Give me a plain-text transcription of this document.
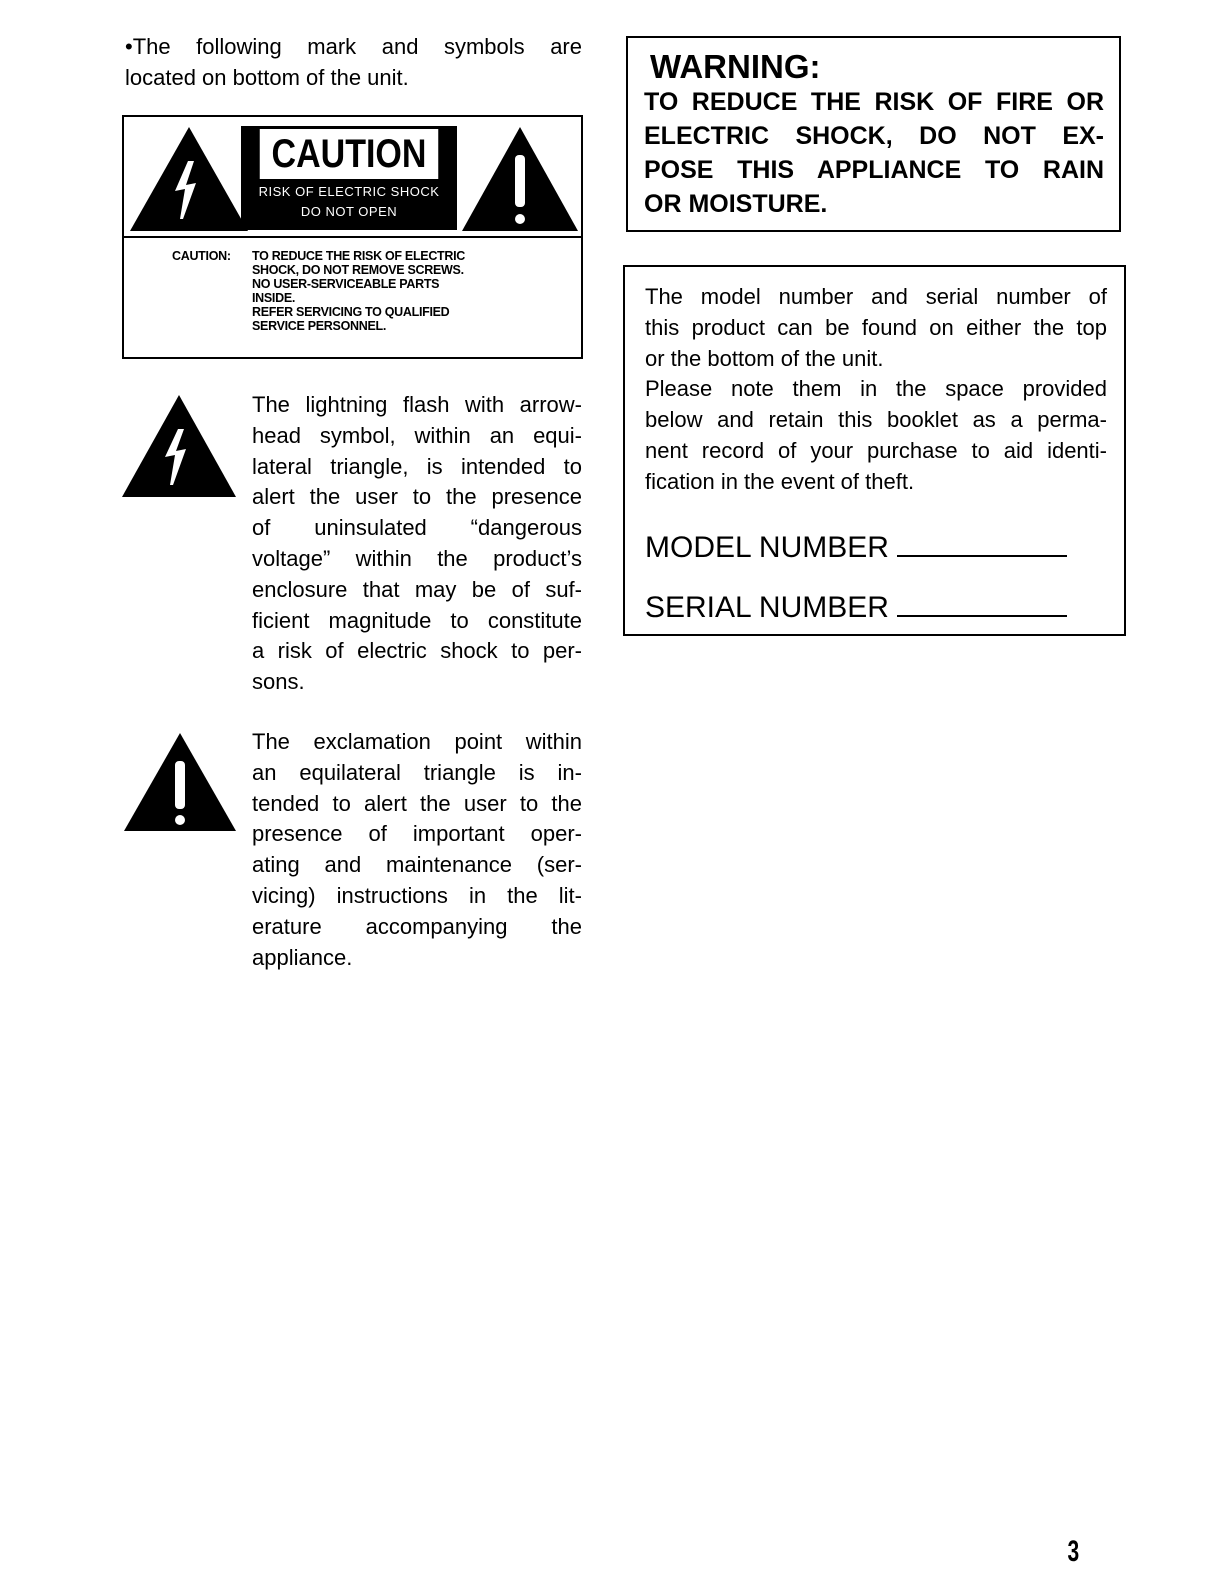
•The following mark and symbols are
located on bottom of the unit.
CAUTION
RISK OF ELECTRIC SHOCK
DO NOT OPEN
CAUTION: TO REDUCE THE RISK OF ELECTRIC
SHOCK, DO NOT REMOVE SCREWS.
NO USER-SERVICEABLE PARTS
INSIDE.
REFER SERVICING TO QUALIFIED
SERVICE PERSONNEL.
The lightning flash with arrow-
head symbol, within an equi-
lateral triangle, is intended to
alert the user to the presence
of uninsulated “dangerous
voltage” within the product’s
enclosure that may be of suf-
ficient magnitude to constitute
a risk of electric shock to per-
sons.
The exclamation point within
an equilateral triangle is in-
tended to alert the user to the
presence of important oper-
ating and maintenance (ser-
vicing) instructions in the lit-
erature accompanying the
appliance.
WARNING:
TO REDUCE THE RISK OF FIRE OR
ELECTRIC SHOCK, DO NOT EX-
POSE THIS APPLIANCE TO RAIN
OR MOISTURE.
The model number and serial number of
this product can be found on either the top
or the bottom of the unit.
Please note them in the space provided
below and retain this booklet as a perma-
nent record of your purchase to aid identi-
fication in the event of theft.
MODEL NUMBER
SERIAL NUMBER
3
